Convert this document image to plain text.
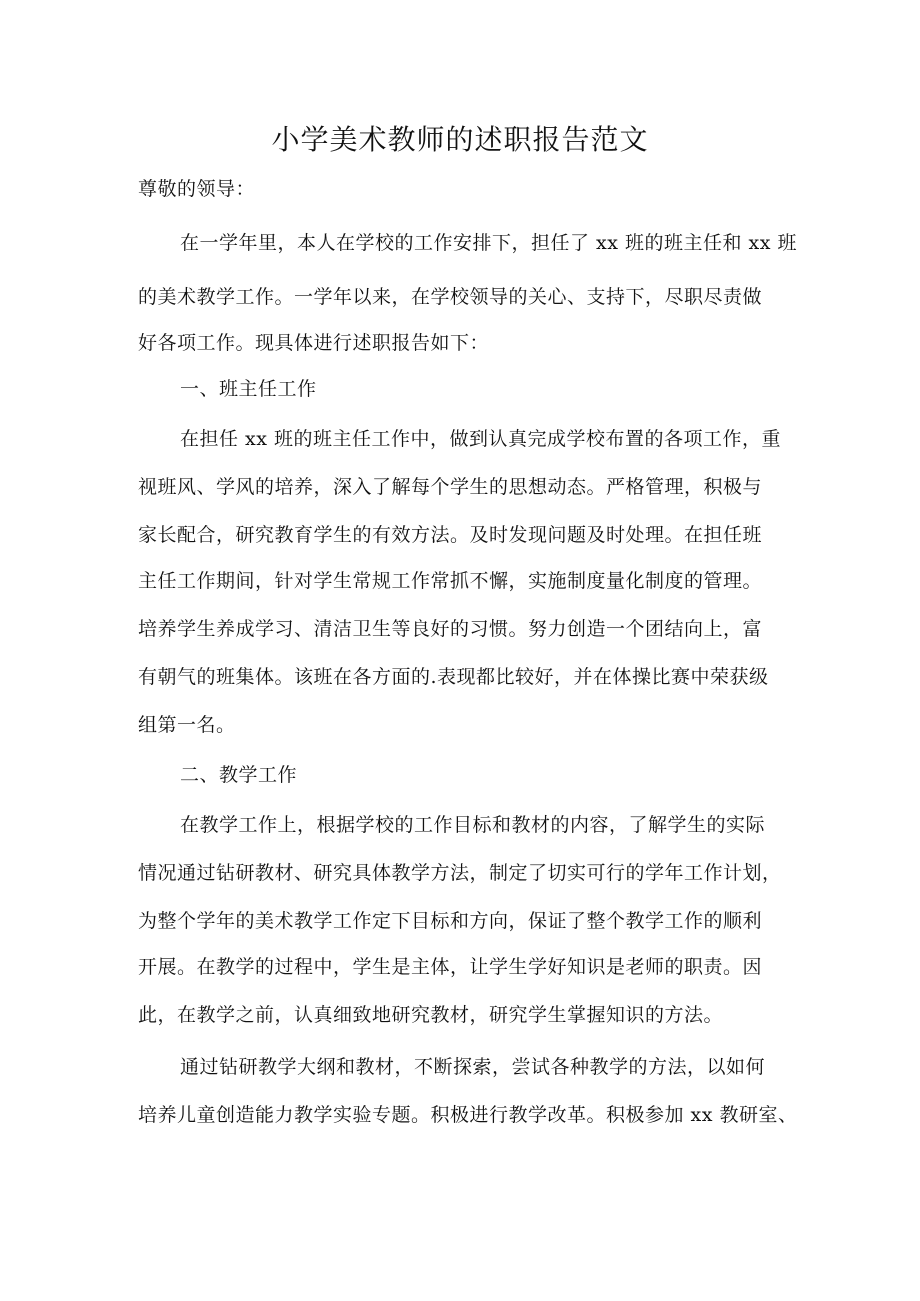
小学美术教师的述职报告范文
尊敬的领导：
在一学年里，本人在学校的工作安排下，担任了 xx 班的班主任和 xx 班
的美术教学工作。一学年以来，在学校领导的关心、支持下，尽职尽责做
好各项工作。现具体进行述职报告如下：
一、班主任工作
在担任 xx 班的班主任工作中，做到认真完成学校布置的各项工作，重
视班风、学风的培养，深入了解每个学生的思想动态。严格管理，积极与
家长配合，研究教育学生的有效方法。及时发现问题及时处理。在担任班
主任工作期间，针对学生常规工作常抓不懈，实施制度量化制度的管理。
培养学生养成学习、清洁卫生等良好的习惯。努力创造一个团结向上，富
有朝气的班集体。该班在各方面的.表现都比较好，并在体操比赛中荣获级
组第一名。
二、教学工作
在教学工作上，根据学校的工作目标和教材的内容，了解学生的实际
情况通过钻研教材、研究具体教学方法，制定了切实可行的学年工作计划，
为整个学年的美术教学工作定下目标和方向，保证了整个教学工作的顺利
开展。在教学的过程中，学生是主体，让学生学好知识是老师的职责。因
此，在教学之前，认真细致地研究教材，研究学生掌握知识的方法。
通过钻研教学大纲和教材，不断探索，尝试各种教学的方法，以如何
培养儿童创造能力教学实验专题。积极进行教学改革。积极参加 xx 教研室、
